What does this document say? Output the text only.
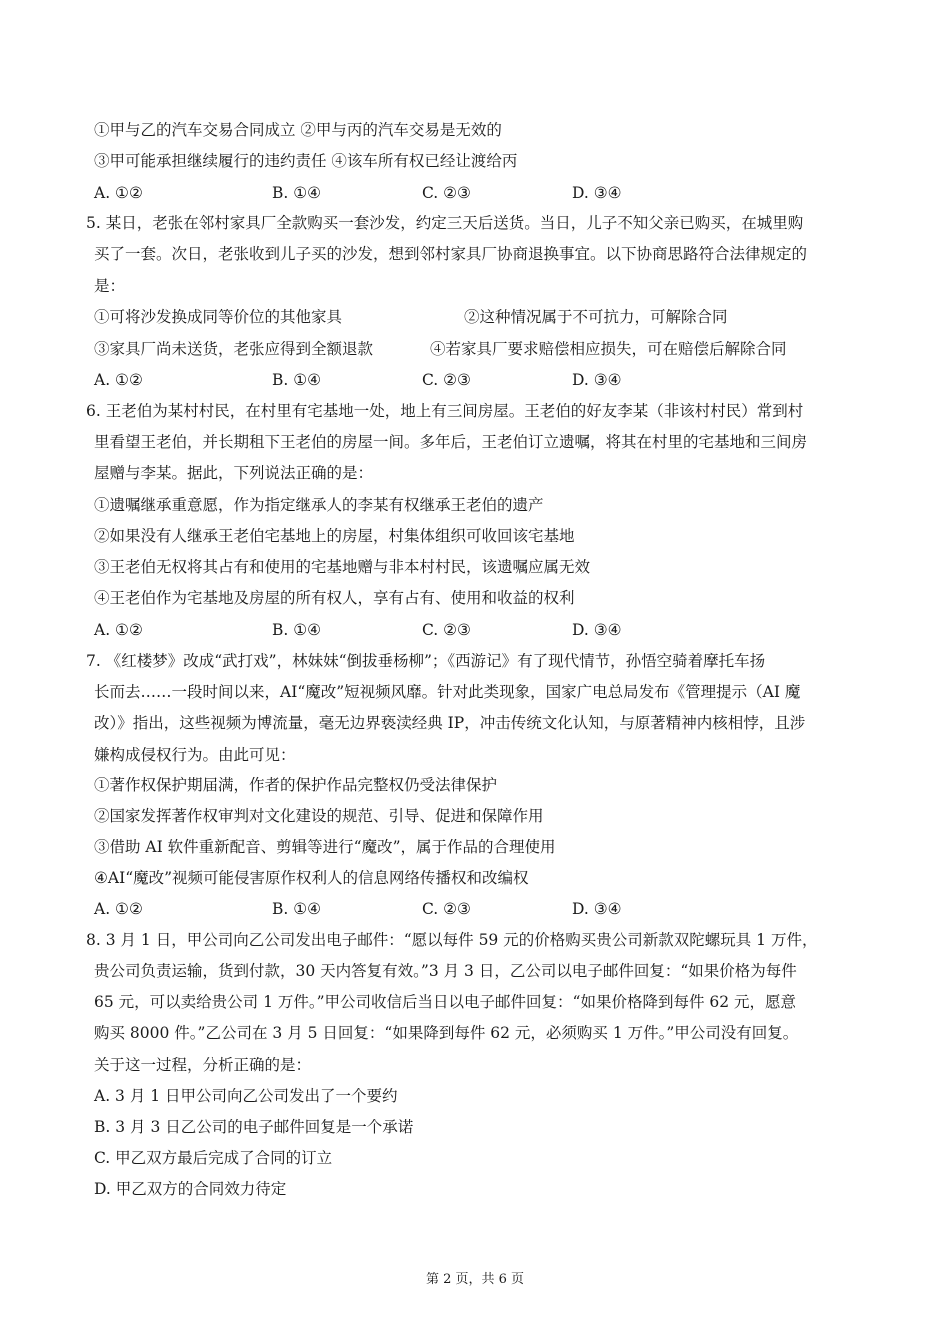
①甲与乙的汽车交易合同成立 ②甲与丙的汽车交易是无效的
③甲可能承担继续履行的违约责任 ④该车所有权已经让渡给丙
A. ①②	B. ①④	C. ②③	D. ③④
5. 某日，老张在邻村家具厂全款购买一套沙发，约定三天后送货。当日，儿子不知父亲已购买，在城里购
买了一套。次日，老张收到儿子买的沙发，想到邻村家具厂协商退换事宜。以下协商思路符合法律规定的
是：
①可将沙发换成同等价位的其他家具	②这种情况属于不可抗力，可解除合同
③家具厂尚未送货，老张应得到全额退款	④若家具厂要求赔偿相应损失，可在赔偿后解除合同
A. ①②	B. ①④	C. ②③	D. ③④
6. 王老伯为某村村民，在村里有宅基地一处，地上有三间房屋。王老伯的好友李某（非该村村民）常到村
里看望王老伯，并长期租下王老伯的房屋一间。多年后，王老伯订立遗嘱，将其在村里的宅基地和三间房
屋赠与李某。据此，下列说法正确的是：
①遗嘱继承重意愿，作为指定继承人的李某有权继承王老伯的遗产
②如果没有人继承王老伯宅基地上的房屋，村集体组织可收回该宅基地
③王老伯无权将其占有和使用的宅基地赠与非本村村民，该遗嘱应属无效
④王老伯作为宅基地及房屋的所有权人，享有占有、使用和收益的权利
A. ①②	B. ①④	C. ②③	D. ③④
7. 《红楼梦》改成“武打戏”，林妹妹“倒拔垂杨柳”；《西游记》有了现代情节，孙悟空骑着摩托车扬
长而去……一段时间以来，AI“魔改”短视频风靡。针对此类现象，国家广电总局发布《管理提示（AI 魔
改）》指出，这些视频为博流量，毫无边界亵渎经典 IP，冲击传统文化认知，与原著精神内核相悖，且涉
嫌构成侵权行为。由此可见：
①著作权保护期届满，作者的保护作品完整权仍受法律保护
②国家发挥著作权审判对文化建设的规范、引导、促进和保障作用
③借助 AI 软件重新配音、剪辑等进行“魔改”，属于作品的合理使用
④AI“魔改”视频可能侵害原作权利人的信息网络传播权和改编权
A. ①②	B. ①④	C. ②③	D. ③④
8. 3 月 1 日，甲公司向乙公司发出电子邮件：“愿以每件 59 元的价格购买贵公司新款双陀螺玩具 1 万件，
贵公司负责运输，货到付款，30 天内答复有效。”3 月 3 日，乙公司以电子邮件回复：“如果价格为每件
65 元，可以卖给贵公司 1 万件。”甲公司收信后当日以电子邮件回复：“如果价格降到每件 62 元，愿意
购买 8000 件。”乙公司在 3 月 5 日回复：“如果降到每件 62 元，必须购买 1 万件。”甲公司没有回复。
关于这一过程，分析正确的是：
A. 3 月 1 日甲公司向乙公司发出了一个要约
B. 3 月 3 日乙公司的电子邮件回复是一个承诺
C. 甲乙双方最后完成了合同的订立
D. 甲乙双方的合同效力待定
第 2 页，共 6 页
